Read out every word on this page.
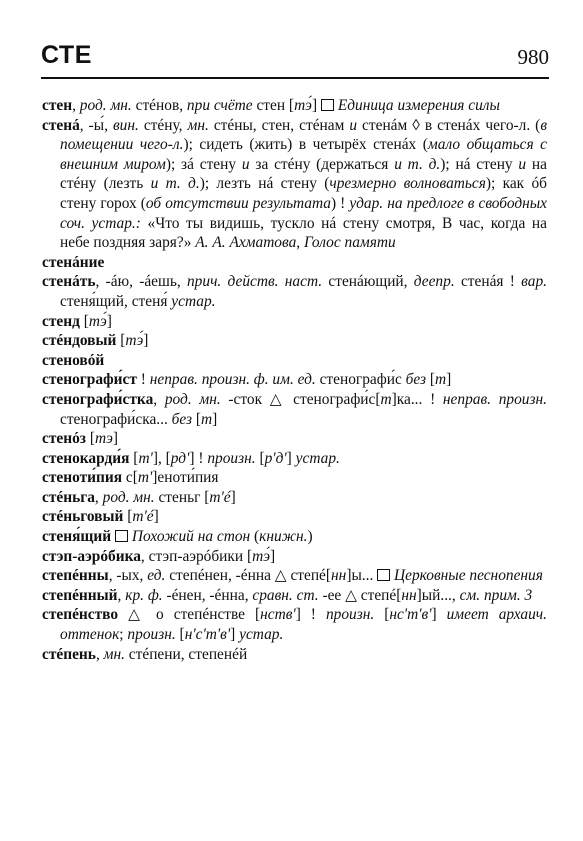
СТЕ	980

стен, род. мн. стéнов, при счёте стен [тэ́]  Единица измерения силы

стенá, -ы́, вин. стéну, мн. стéны, стен, стéнам и стенáм ◊ в стенáх чего-л. (в помещении чего-л.); сидеть (жить) в четырёх стенáх (мало общаться с внешним миром); зá стену и за стéну (держаться и т. д.); нá стену и на стéну (лезть и т. д.); лезть нá стену (чрезмерно волноваться); как óб стену горох (об отсутствии результата) ! удар. на предлоге в свободных соч. устар.: «Что ты видишь, тускло нá стену смотря, В час, когда на небе поздняя заря?» А. А. Ахматова, Голос памяти

стенáние

стенáть, -áю, -áешь, прич. действ. наст. стенáющий, деепр. стенáя ! вар. стеня́щий, стеня́ устар.

стенд [тэ́]

стéндовый [тэ́]

стеновóй

стенографи́ст ! неправ. произн. ф. им. ед. стенографи́с без [т]

стенографи́стка, род. мн. -сток △ стенографи́с[т]ка... ! неправ. произн. стенографи́ска... без [т]

стенóз [тэ]

стенокарди́я [т'], [рд'] ! произн. [р'д'] устар.

стеноти́пия с[т']еноти́пия

стéньга, род. мн. стеньг [т'é]

стéньговый [т'é]

стеня́щий Похожий на стон (книжн.)

стэп-аэрóбика, стэп-аэрóбики [тэ́]

степéнны, -ых, ед. степéнен, -éнна △ степé[нн]ы...  Церковные песнопения

степéнный, кр. ф. -éнен, -éнна, сравн. ст. -ее △ степé[нн]ый..., см. прим. 3

степéнство △ о степéнстве [нств'] ! произн. [нс'т'в'] имеет архаич. оттенок; произн. [н'с'т'в'] устар.

стéпень, мн. стéпени, степенéй
